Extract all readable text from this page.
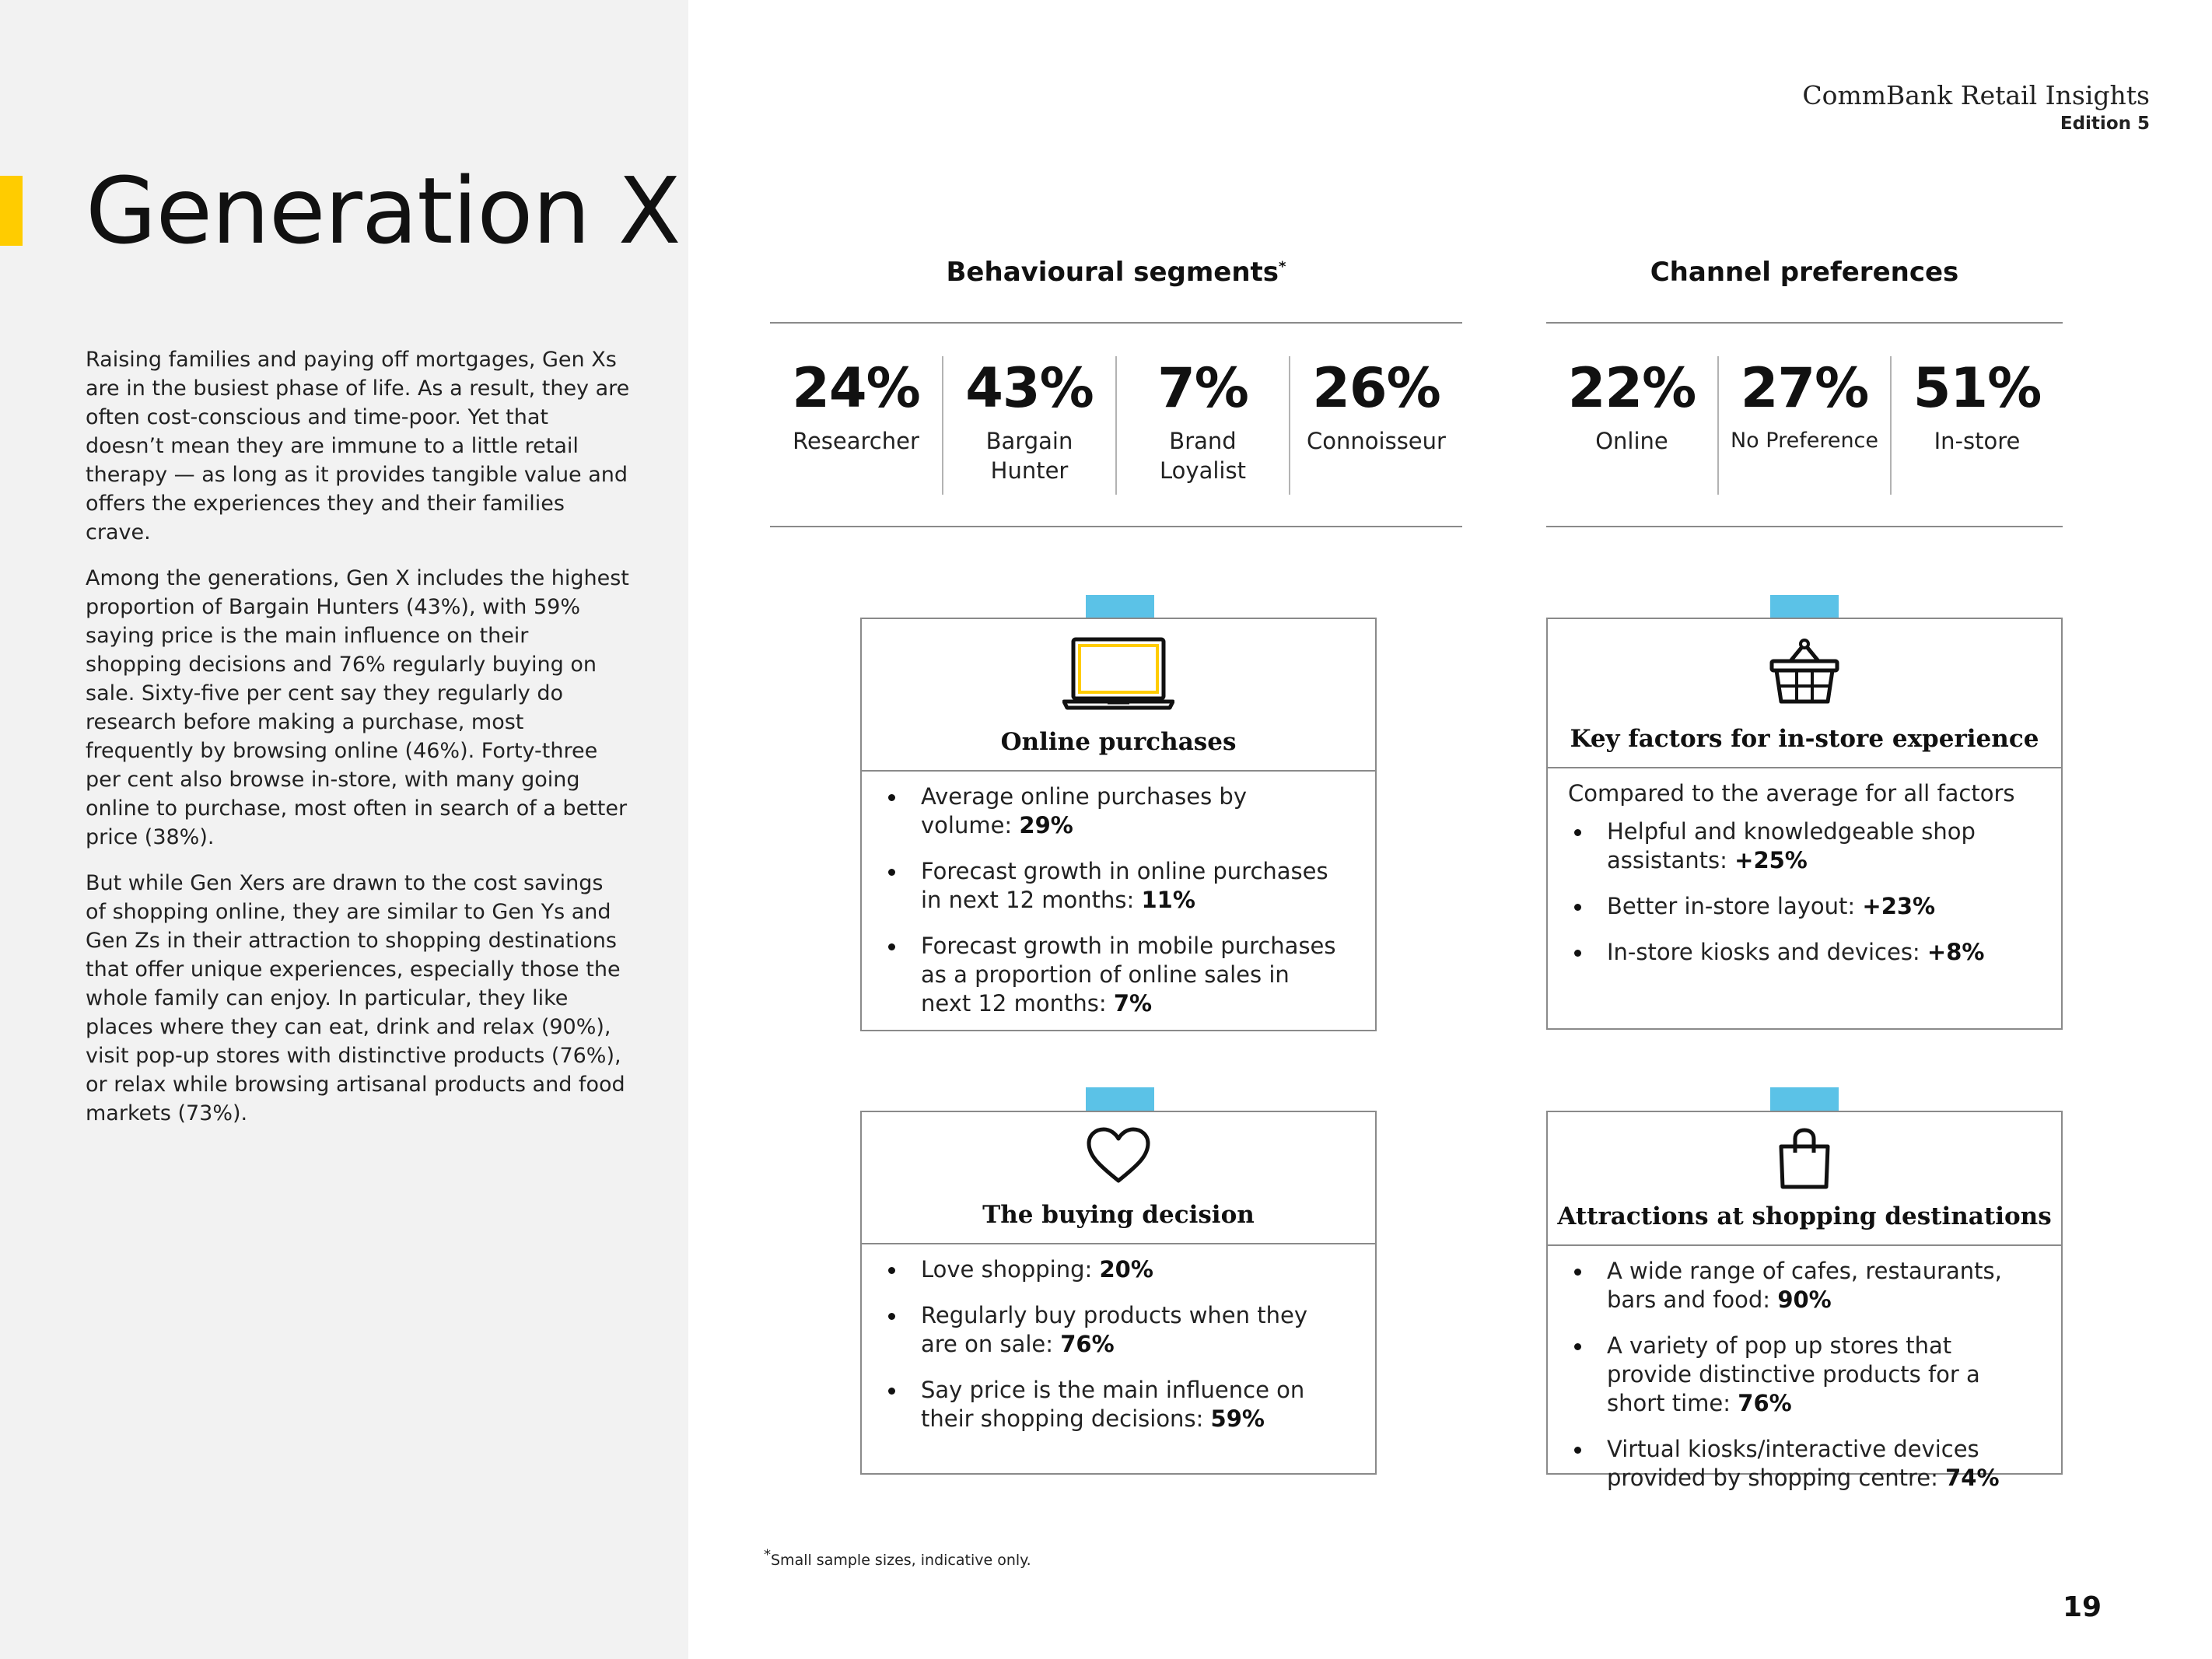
Generation X

Raising families and paying off mortgages, Gen Xs are in the busiest phase of life. As a result, they are often cost-conscious and time-poor. Yet that doesn’t mean they are immune to a little retail therapy — as long as it provides tangible value and offers the experiences they and their families crave.

Among the generations, Gen X includes the highest proportion of Bargain Hunters (43%), with 59% saying price is the main influence on their shopping decisions and 76% regularly buying on sale. Sixty-five per cent say they regularly do research before making a purchase, most frequently by browsing online (46%). Forty-three per cent also browse in-store, with many going online to purchase, most often in search of a better price (38%).

But while Gen Xers are drawn to the cost savings of shopping online, they are similar to Gen Ys and Gen Zs in their attraction to shopping destinations that offer unique experiences, especially those the whole family can enjoy. In particular, they like places where they can eat, drink and relax (90%), visit pop-up stores with distinctive products (76%), or relax while browsing artisanal products and food markets (73%).

CommBank Retail Insights
Edition 5
Behavioural segments*
24%
Researcher
43%
Bargain Hunter
7%
Brand Loyalist
26%
Connoisseur
Channel preferences
22%
Online
27%
No Preference
51%
In-store
Online purchases
Average online purchases by volume: 29%
Forecast growth in online purchases in next 12 months: 11%
Forecast growth in mobile purchases as a proportion of online sales in next 12 months: 7%
Key factors for in-store experience

Compared to the average for all factors

Helpful and knowledgeable shop assistants: +25%
Better in-store layout: +23%
In-store kiosks and devices: +8%
The buying decision
Love shopping: 20%
Regularly buy products when they are on sale: 76%
Say price is the main influence on their shopping decisions: 59%
Attractions at shopping destinations
A wide range of cafes, restaurants, bars and food: 90%
A variety of pop up stores that provide distinctive products for a short time: 76%
Virtual kiosks/interactive devices provided by shopping centre: 74%
*Small sample sizes, indicative only.
19
